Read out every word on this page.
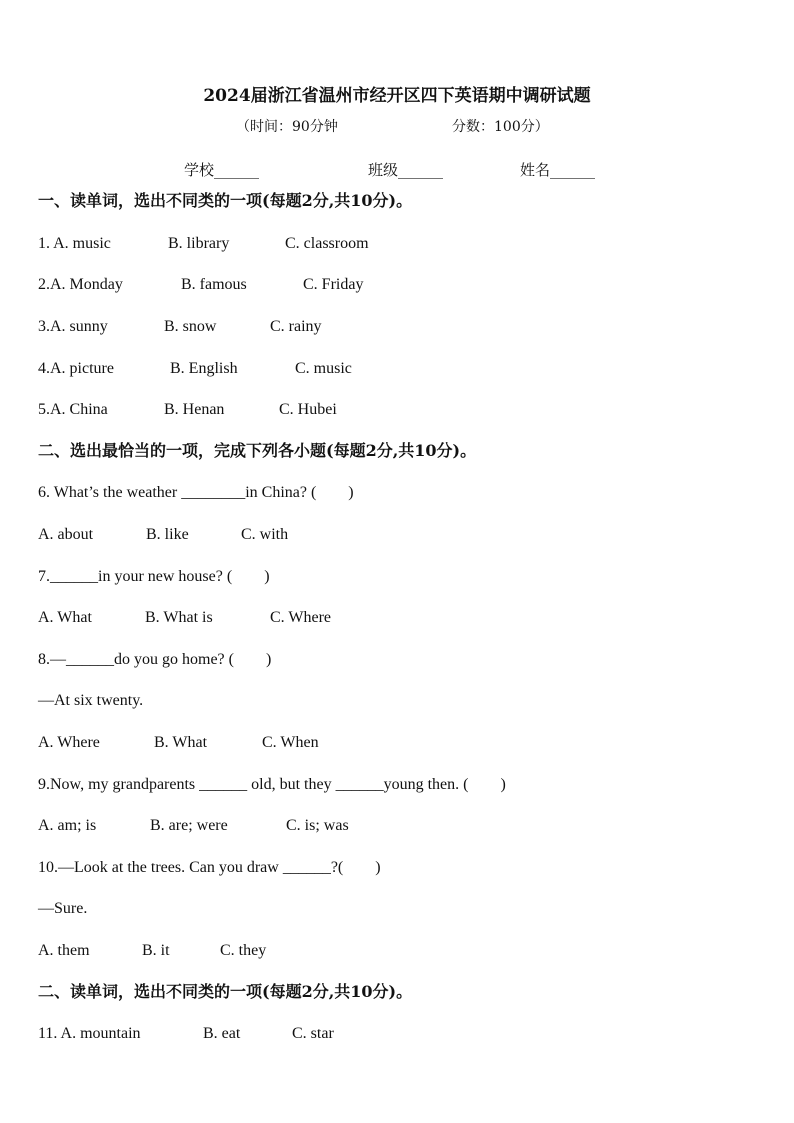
2024届浙江省温州市经开区四下英语期中调研试题
（时间：90分钟	分数：100分）
学校______	班级______	姓名______
一、读单词，选出不同类的一项(每题2分,共10分)。
1. A. music	B. library	C. classroom
2.A. Monday	B. famous	C. Friday
3.A. sunny	B. snow	C. rainy
4.A. picture	B. English	C. music
5.A. China	B. Henan	C. Hubei
二、选出最恰当的一项，完成下列各小题(每题2分,共10分)。
6. What’s the weather ________in China? (　　)
A. about	B. like	C. with
7.______in your new house? (　　)
A. What	B. What is	C. Where
8.—______do you go home? (　　)
—At six twenty.
A. Where	B. What	C. When
9.Now, my grandparents ______ old, but they ______young then. (　　)
A. am; is	B. are; were	C. is; was
10.—Look at the trees. Can you draw ______?(　　)
—Sure.
A. them	B. it	C. they
二、读单词，选出不同类的一项(每题2分,共10分)。
11. A. mountain	B. eat	C. star
